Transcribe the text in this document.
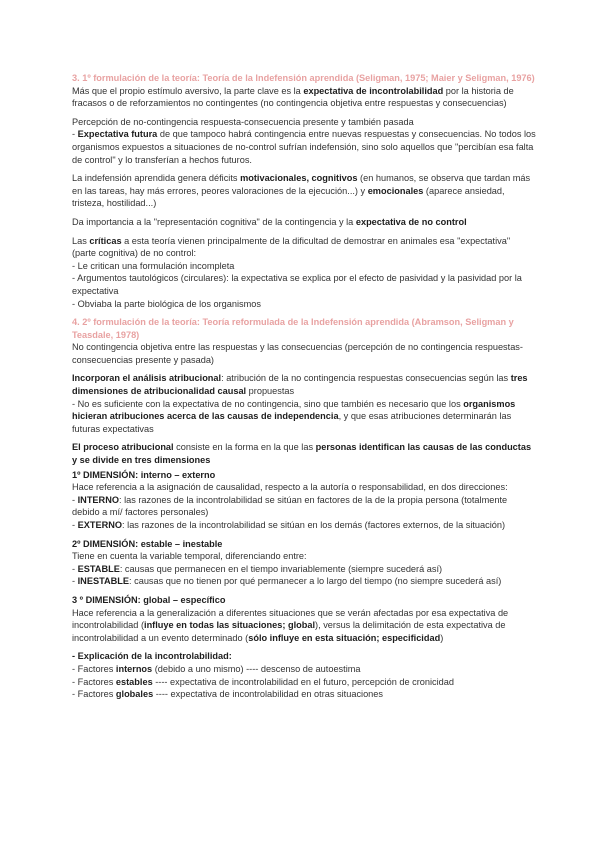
3. 1º formulación de la teoría: Teoría de la Indefensión aprendida (Seligman, 1975; Maier y Seligman, 1976)

Más que el propio estímulo aversivo, la parte clave es la expectativa de incontrolabilidad por la historia de fracasos o de reforzamientos no contingentes (no contingencia objetiva entre respuestas y consecuencias)

Percepción de no-contingencia respuesta-consecuencia presente y también pasada

- Expectativa futura de que tampoco habrá contingencia entre nuevas respuestas y consecuencias. No todos los organismos expuestos a situaciones de no-control sufrían indefensión, sino solo aquellos que "percibían esa falta de control" y lo transferían a hechos futuros.

La indefensión aprendida genera déficits motivacionales, cognitivos (en humanos, se observa que tardan más en las tareas, hay más errores, peores valoraciones de la ejecución...) y emocionales (aparece ansiedad, tristeza, hostilidad...)

Da importancia a la "representación cognitiva" de la contingencia y la expectativa de no control

Las críticas a esta teoría vienen principalmente de la dificultad de demostrar en animales esa "expectativa" (parte cognitiva) de no control:

- Le critican una formulación incompleta

- Argumentos tautológicos (circulares): la expectativa se explica por el efecto de pasividad y la pasividad por la expectativa

- Obviaba la parte biológica de los organismos

4. 2º formulación de la teoría: Teoría reformulada de la Indefensión aprendida (Abramson, Seligman y Teasdale, 1978)

No contingencia objetiva entre las respuestas y las consecuencias (percepción de no contingencia respuestas-consecuencias presente y pasada)

Incorporan el análisis atribucional: atribución de la no contingencia respuestas consecuencias según las tres dimensiones de atribucionalidad causal propuestas

- No es suficiente con la expectativa de no contingencia, sino que también es necesario que los organismos hicieran atribuciones acerca de las causas de independencia, y que esas atribuciones determinarán las futuras expectativas

El proceso atribucional consiste en la forma en la que las personas identifican las causas de las conductas y se divide en tres dimensiones

1º DIMENSIÓN: interno – externo

Hace referencia a la asignación de causalidad, respecto a la autoría o responsabilidad, en dos direcciones:

- INTERNO: las razones de la incontrolabilidad se sitúan en factores de la de la propia persona (totalmente debido a mí/ factores personales)

- EXTERNO: las razones de la incontrolabilidad se sitúan en los demás (factores externos, de la situación)

2º DIMENSIÓN: estable – inestable

Tiene en cuenta la variable temporal, diferenciando entre:

- ESTABLE: causas que permanecen en el tiempo invariablemente (siempre sucederá así)

- INESTABLE: causas que no tienen por qué permanecer a lo largo del tiempo (no siempre sucederá así)

3 º DIMENSIÓN: global – específico

Hace referencia a la generalización a diferentes situaciones que se verán afectadas por esa expectativa de incontrolabilidad (influye en todas las situaciones; global), versus la delimitación de esta expectativa de incontrolabilidad a un evento determinado (sólo influye en esta situación; especificidad)

- Explicación de la incontrolabilidad:

- Factores internos (debido a uno mismo) ---- descenso de autoestima

- Factores estables ---- expectativa de incontrolabilidad en el futuro, percepción de cronicidad

- Factores globales ---- expectativa de incontrolabilidad en otras situaciones
